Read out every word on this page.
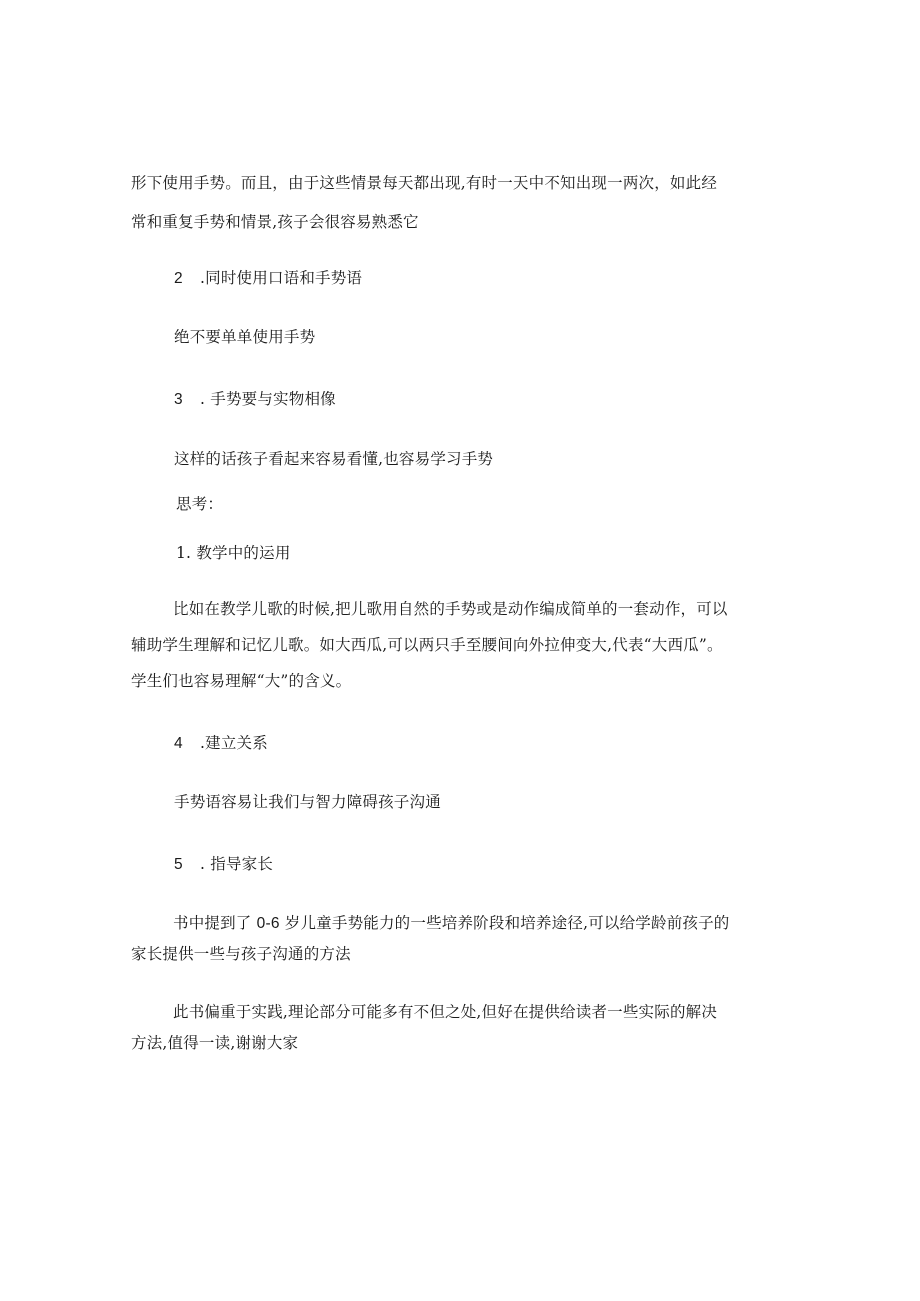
形下使用手势。而且，由于这些情景每天都出现,有时一天中不知出现一两次，如此经
常和重复手势和情景,孩子会很容易熟悉它
2 .同时使用口语和手势语
绝不要单单使用手势
3 . 手势要与实物相像
这样的话孩子看起来容易看懂,也容易学习手势
思考：
1. 教学中的运用
比如在教学儿歌的时候,把儿歌用自然的手势或是动作编成简单的一套动作，可以
辅助学生理解和记忆儿歌。如大西瓜,可以两只手至腰间向外拉伸变大,代表“大西瓜”。
学生们也容易理解“大”的含义。
4 .建立关系
手势语容易让我们与智力障碍孩子沟通
5 . 指导家长
书中提到了 0-6 岁儿童手势能力的一些培养阶段和培养途径,可以给学龄前孩子的
家长提供一些与孩子沟通的方法
此书偏重于实践,理论部分可能多有不但之处,但好在提供给读者一些实际的解决
方法,值得一读,谢谢大家
